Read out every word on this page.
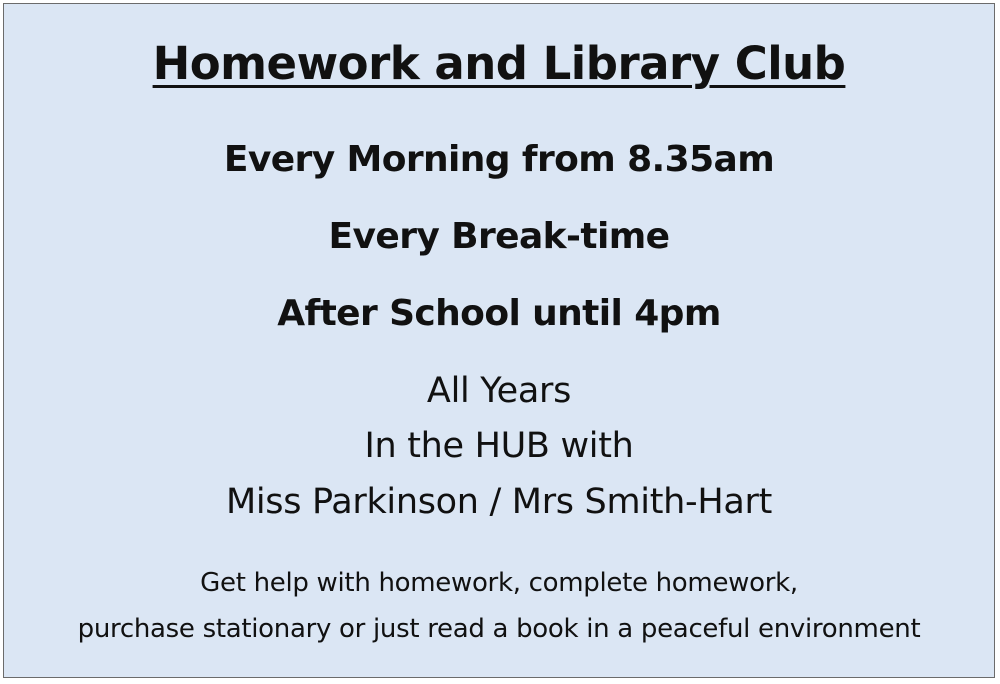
Homework and Library Club
Every Morning from 8.35am
Every Break-time
After School until 4pm
All Years
In the HUB with
Miss Parkinson / Mrs Smith-Hart
Get help with homework, complete homework,
purchase stationary or just read a book in a peaceful environment
